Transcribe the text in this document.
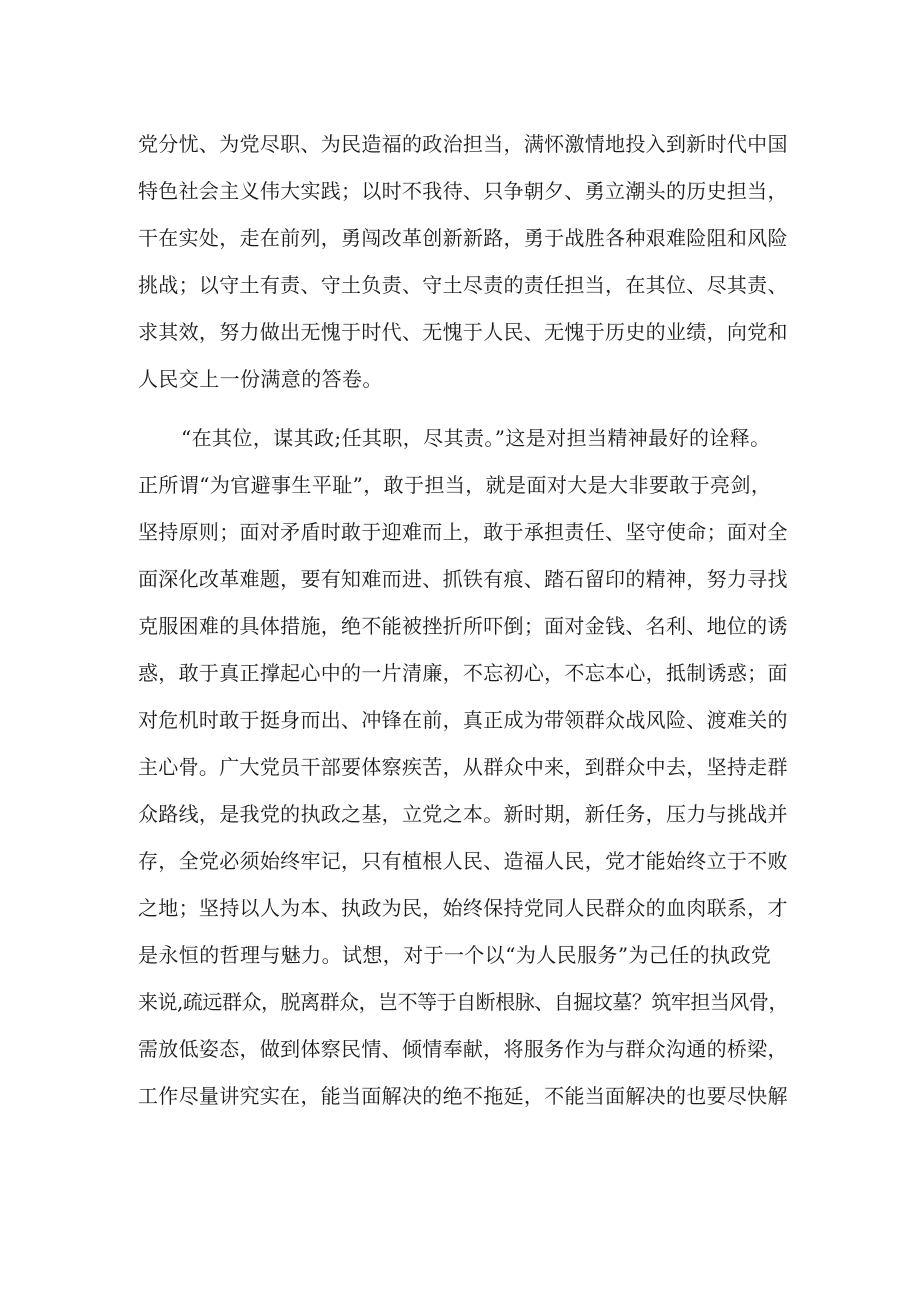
党分忧、为党尽职、为民造福的政治担当，满怀激情地投入到新时代中国
特色社会主义伟大实践；以时不我待、只争朝夕、勇立潮头的历史担当，
干在实处，走在前列，勇闯改革创新新路，勇于战胜各种艰难险阻和风险
挑战；以守土有责、守土负责、守土尽责的责任担当，在其位、尽其责、
求其效，努力做出无愧于时代、无愧于人民、无愧于历史的业绩，向党和
人民交上一份满意的答卷。
“在其位，谋其政;任其职，尽其责。”这是对担当精神最好的诠释。
正所谓“为官避事生平耻”，敢于担当，就是面对大是大非要敢于亮剑，
坚持原则；面对矛盾时敢于迎难而上，敢于承担责任、坚守使命；面对全
面深化改革难题，要有知难而进、抓铁有痕、踏石留印的精神，努力寻找
克服困难的具体措施，绝不能被挫折所吓倒；面对金钱、名利、地位的诱
惑，敢于真正撑起心中的一片清廉，不忘初心，不忘本心，抵制诱惑；面
对危机时敢于挺身而出、冲锋在前，真正成为带领群众战风险、渡难关的
主心骨。广大党员干部要体察疾苦，从群众中来，到群众中去，坚持走群
众路线，是我党的执政之基，立党之本。新时期，新任务，压力与挑战并
存，全党必须始终牢记，只有植根人民、造福人民，党才能始终立于不败
之地；坚持以人为本、执政为民，始终保持党同人民群众的血肉联系，才
是永恒的哲理与魅力。试想，对于一个以“为人民服务”为己任的执政党
来说,疏远群众，脱离群众，岂不等于自断根脉、自掘坟墓？筑牢担当风骨，
需放低姿态，做到体察民情、倾情奉献，将服务作为与群众沟通的桥梁，
工作尽量讲究实在，能当面解决的绝不拖延，不能当面解决的也要尽快解
